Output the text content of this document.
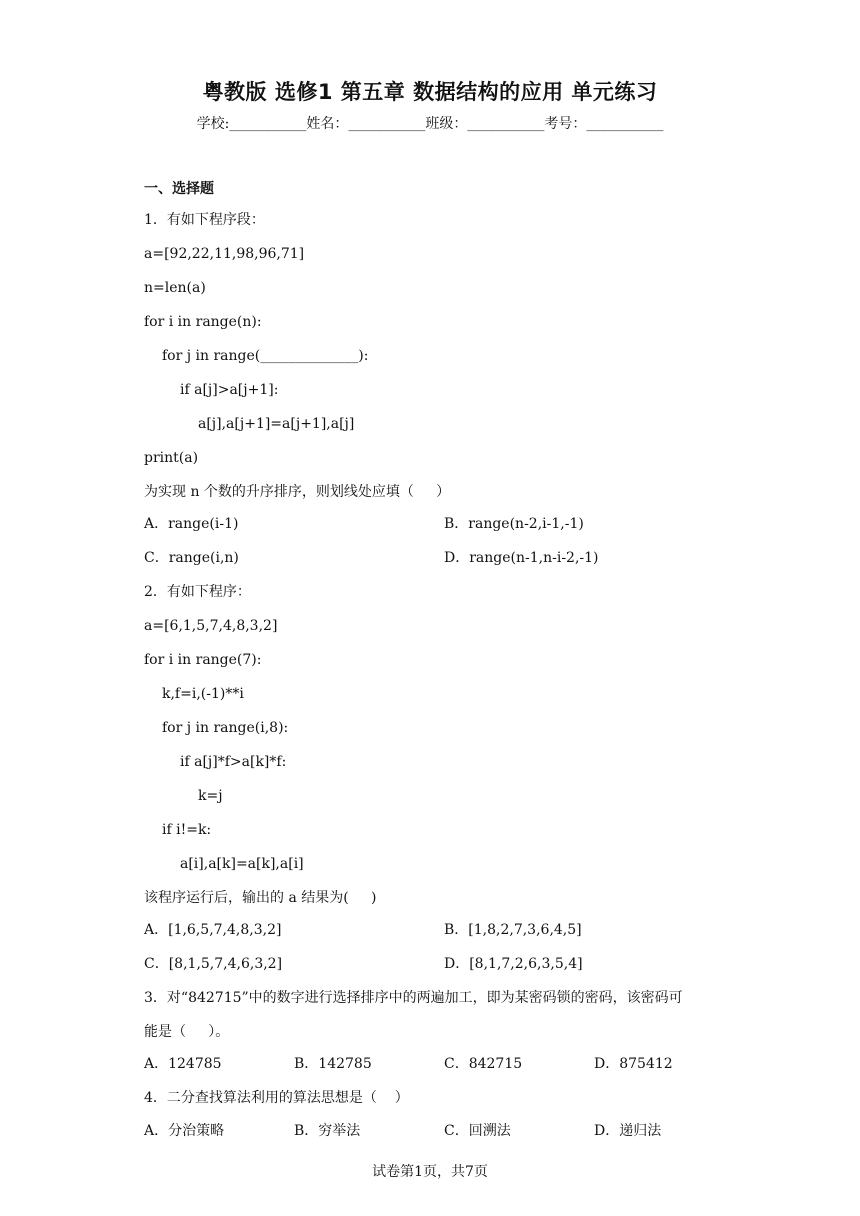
粤教版 选修1 第五章 数据结构的应用 单元练习
学校:___________姓名：___________班级：___________考号：___________
一、选择题
1．有如下程序段：
a=[92,22,11,98,96,71]
n=len(a)
for i in range(n):
for j in range(______________):
if a[j]>a[j+1]:
a[j],a[j+1]=a[j+1],a[j]
print(a)
为实现 n 个数的升序排序，则划线处应填（     ）
A．range(i-1)	B．range(n-2,i-1,-1)
C．range(i,n)	D．range(n-1,n-i-2,-1)
2．有如下程序：
a=[6,1,5,7,4,8,3,2]
for i in range(7):
k,f=i,(-1)**i
for j in range(i,8):
if a[j]*f>a[k]*f:
k=j
if i!=k:
a[i],a[k]=a[k],a[i]
该程序运行后，输出的 a 结果为(     )
A．[1,6,5,7,4,8,3,2]	B．[1,8,2,7,3,6,4,5]
C．[8,1,5,7,4,6,3,2]	D．[8,1,7,2,6,3,5,4]
3．对“842715”中的数字进行选择排序中的两遍加工，即为某密码锁的密码，该密码可
能是（     ）。
A．124785	B．142785	C．842715	D．875412
4．二分查找算法利用的算法思想是（    ）
A．分治策略	B．穷举法	C．回溯法	D．递归法
试卷第1页，共7页
